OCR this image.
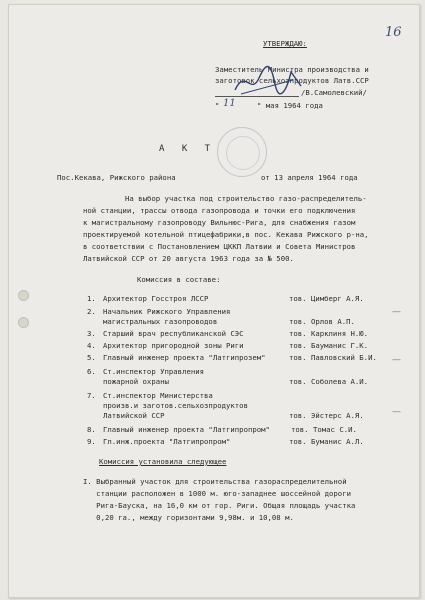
16
УТВЕРЖДАЮ:
Заместитель Министра производства и
заготовок сельхозпродуктов Латв.ССР
/В.Самолевский/
" 11	" мая 1964 года
А К Т
Пос.Кекава, Рижского района	от 13 апреля 1964 года
На выбор участка под строительство газо-распределитель-
ной станции, трассы отвода газопровода и точки его подключения
к магистральному газопроводу Вильнюс-Рига, для снабжения газом
проектируемой котельной птицефабрики,в пос. Кекава Рижского р-на,
в соответствии с Постановлением ЦККП Латвии и Совета Министров
Латвийской ССР от 20 августа 1963 года за № 500.
Комиссия в составе:
1. Архитектор Госстроя ЛССР	тов. Цимберг А.Я.
2. Начальник Рижского Управления
магистральных газопроводов	тов. Орлов А.П.
3. Старший врач республиканской СЭС	тов. Карклиня Н.Ю.
4. Архитектор пригородной зоны Риги	тов. Бауманис Г.К.
5. Главный инженер проекта "Латгипрозем"	тов. Павловский Б.И.
6. Ст.инспектор Управления
пожарной охраны	тов. Соболева А.И.
7. Ст.инспектор Министерства
произв.и заготов.сельхозпродуктов
Латвийской ССР	тов. Эйстерс А.Я.
8. Главный инженер проекта "Латгипропром"	тов. Томас С.И.
9. Гл.инж.проекта "Латгипропром"	тов. Буманис А.Л.
Комиссия установила следующее
I. Выбранный участок для строительства газораспределительной
станции расположен в 1000 м. юго-западнее шоссейной дороги
Рига-Бауска, на 16,0 км от гор. Риги. Общая площадь участка
0,20 га., между горизонтами 9,98м. и 10,08 м.
—
—
—
